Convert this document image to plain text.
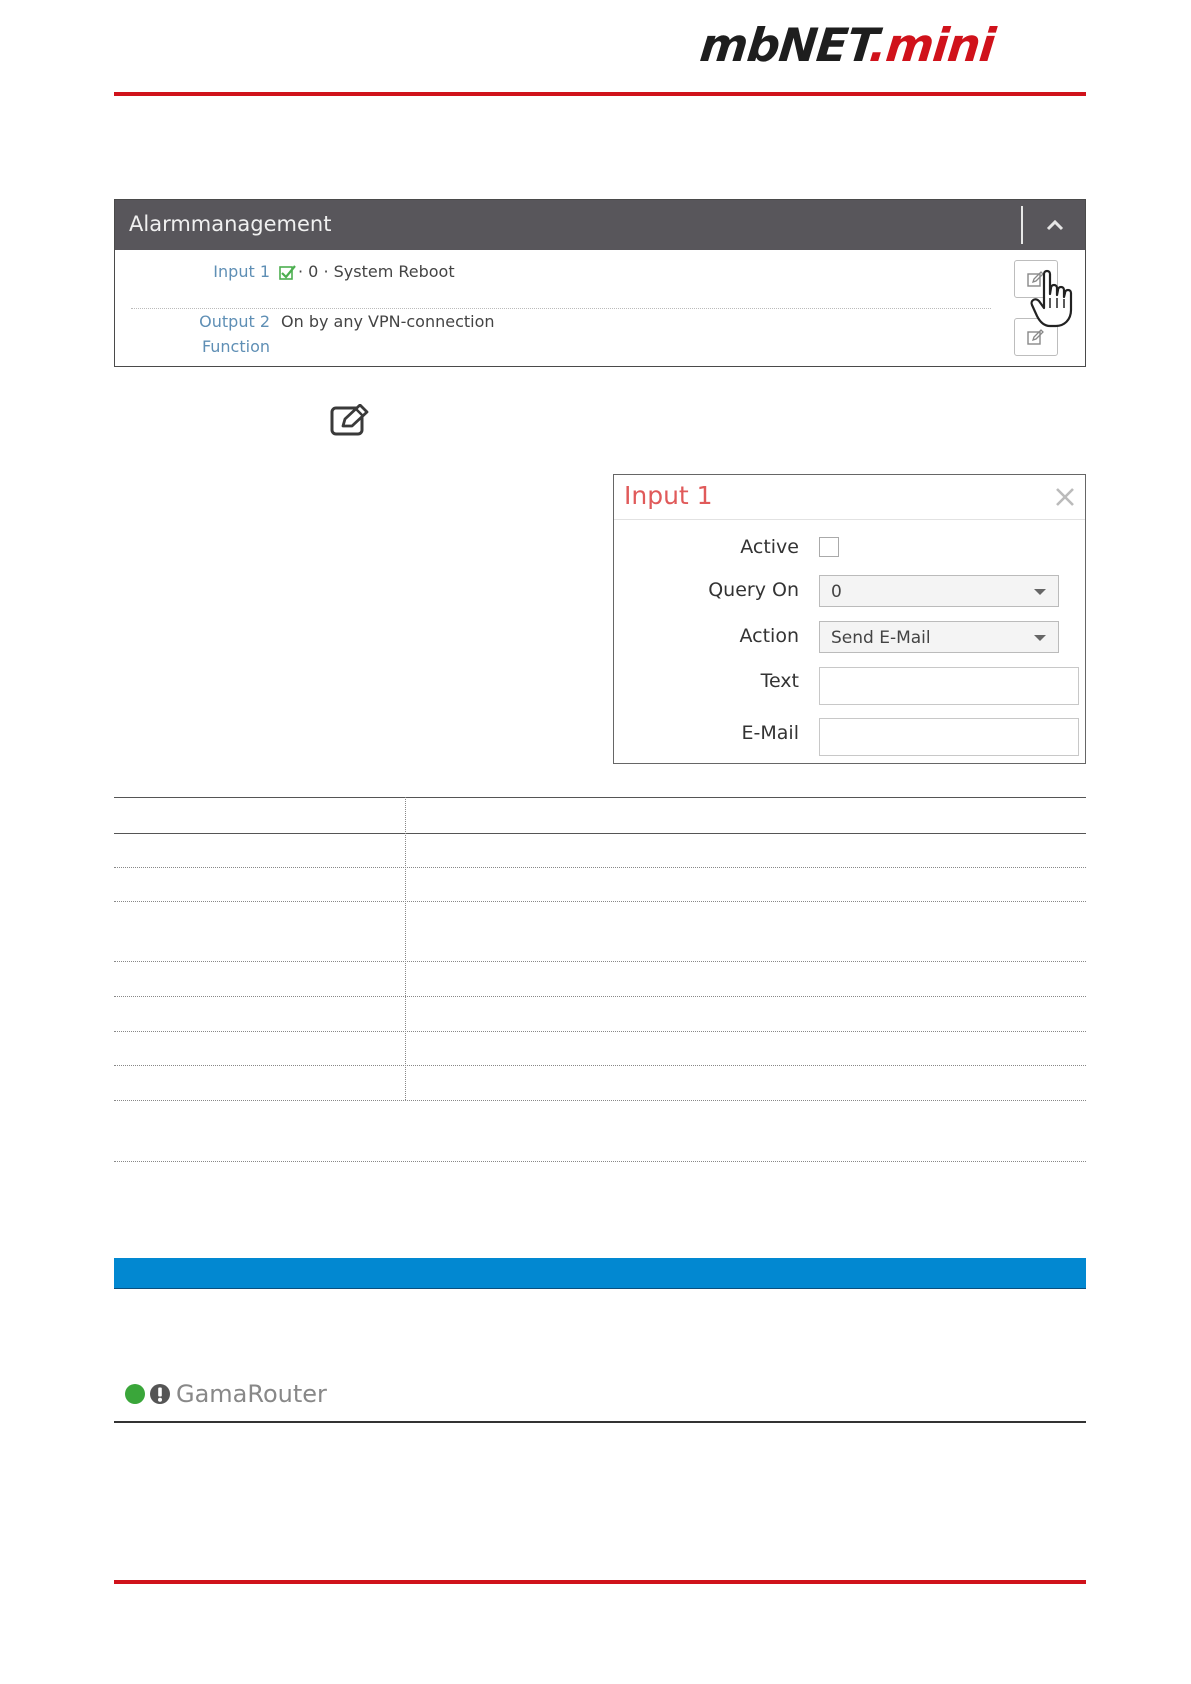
mbNET.mini
Alarmmanagement
Input 1 · 0 · System Reboot
Output 2
Function
On by any VPN-connection
Input 1
Active
Query On 0
Action Send E-Mail
Text
E-Mail
GamaRouter
